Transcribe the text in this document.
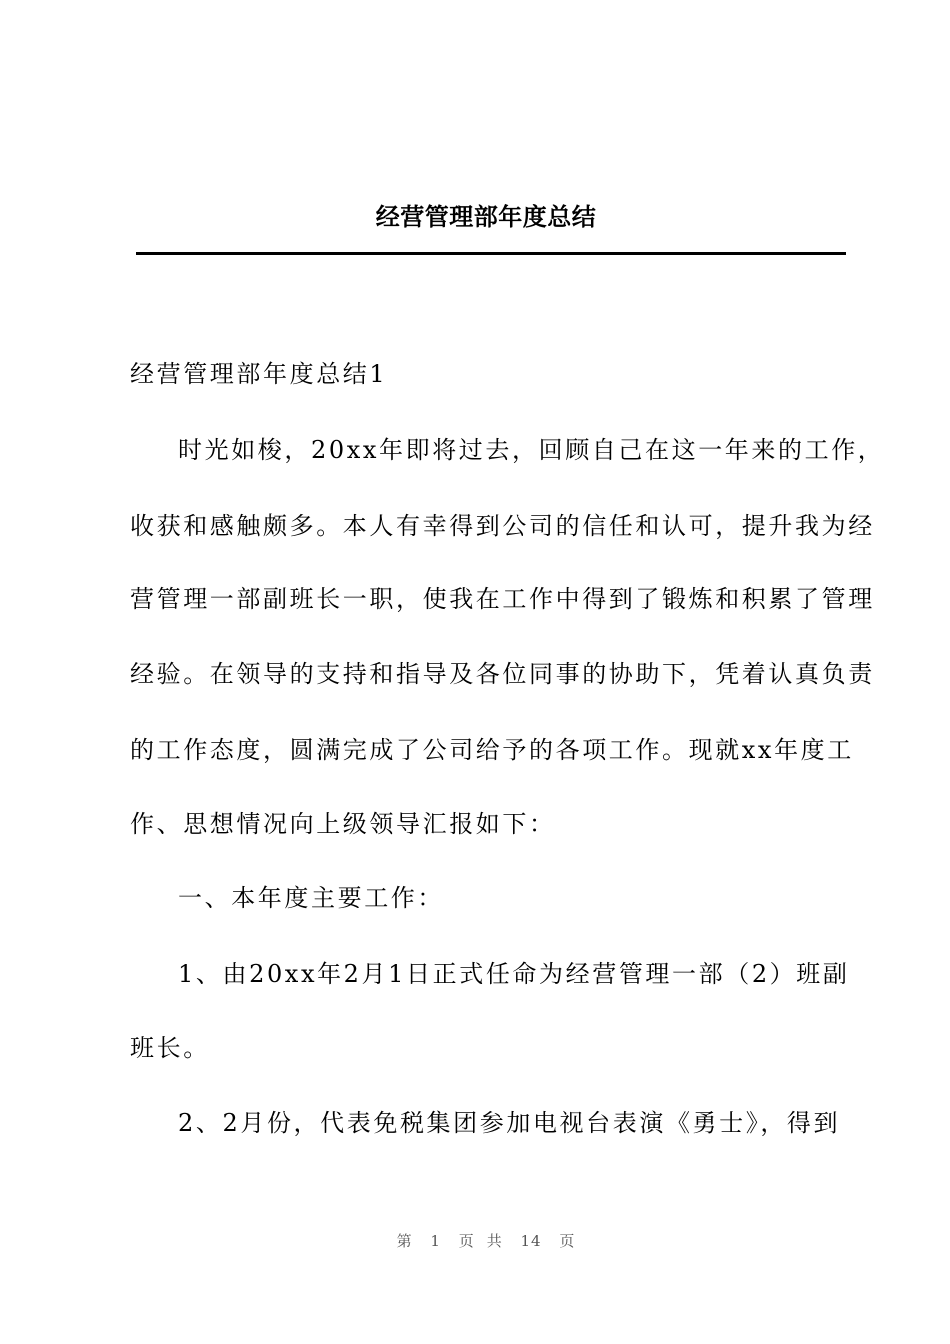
经营管理部年度总结
经营管理部年度总结1
时光如梭，20xx年即将过去，回顾自己在这一年来的工作，
收获和感触颇多。本人有幸得到公司的信任和认可，提升我为经
营管理一部副班长一职，使我在工作中得到了锻炼和积累了管理
经验。在领导的支持和指导及各位同事的协助下，凭着认真负责
的工作态度，圆满完成了公司给予的各项工作。现就xx年度工
作、思想情况向上级领导汇报如下：
一、本年度主要工作：
1、由20xx年2月1日正式任命为经营管理一部（2）班副
班长。
2、2月份，代表免税集团参加电视台表演《勇士》，得到
第 1 页 共 14 页
